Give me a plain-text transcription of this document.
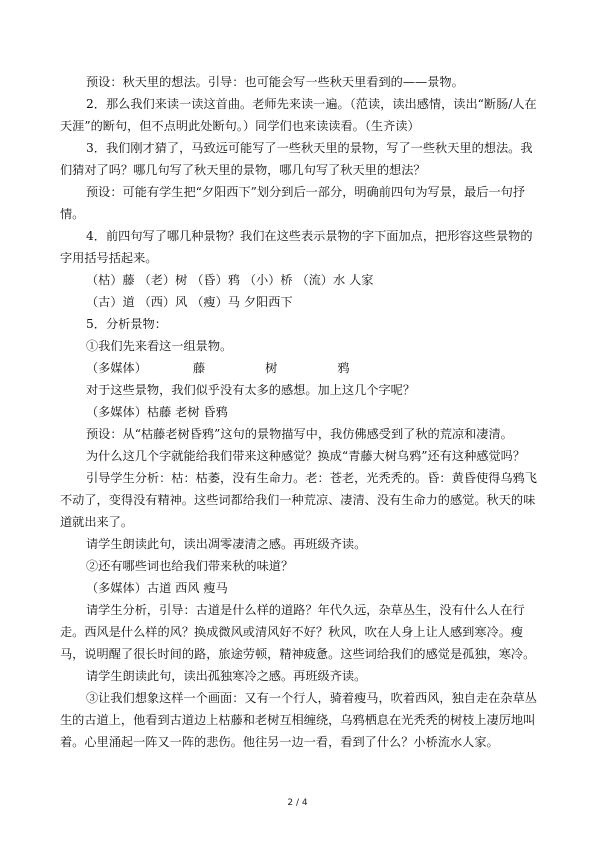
预设：秋天里的想法。引导：也可能会写一些秋天里看到的——景物。

2．那么我们来读一读这首曲。老师先来读一遍。（范读，读出感情，读出“断肠/人在天涯”的断句，但不点明此处断句。）同学们也来读读看。（生齐读）

3．我们刚才猜了，马致远可能写了一些秋天里的景物，写了一些秋天里的想法。我们猜对了吗？哪几句写了秋天里的景物，哪几句写了秋天里的想法？

预设：可能有学生把“夕阳西下”划分到后一部分，明确前四句为写景，最后一句抒情。

4．前四句写了哪几种景物？我们在这些表示景物的字下面加点，把形容这些景物的字用括号括起来。

（枯）藤 （老）树 （昏）鸦 （小）桥 （流）水 人家

（古）道 （西）风 （瘦）马 夕阳西下

5．分析景物：

①我们先来看这一组景物。

（多媒体）	藤	树	鸦

对于这些景物，我们似乎没有太多的感想。加上这几个字呢？

（多媒体）枯藤 老树 昏鸦

预设：从“枯藤老树昏鸦”这句的景物描写中，我仿佛感受到了秋的荒凉和凄清。

为什么这几个字就能给我们带来这种感觉？换成“青藤大树乌鸦”还有这种感觉吗？

引导学生分析：枯：枯萎，没有生命力。老：苍老，光秃秃的。昏：黄昏使得乌鸦飞不动了，变得没有精神。这些词都给我们一种荒凉、凄清、没有生命力的感觉。秋天的味道就出来了。

请学生朗读此句，读出凋零凄清之感。再班级齐读。

②还有哪些词也给我们带来秋的味道？

（多媒体）古道 西风 瘦马

请学生分析，引导：古道是什么样的道路？年代久远，杂草丛生，没有什么人在行走。西风是什么样的风？换成微风或清风好不好？秋风，吹在人身上让人感到寒冷。瘦马，说明醒了很长时间的路，旅途劳顿，精神疲惫。这些词给我们的感觉是孤独，寒冷。

请学生朗读此句，读出孤独寒冷之感。再班级齐读。

③让我们想象这样一个画面：又有一个行人，骑着瘦马，吹着西风，独自走在杂草丛生的古道上，他看到古道边上枯藤和老树互相缠绕，乌鸦栖息在光秃秃的树枝上凄厉地叫着。心里涌起一阵又一阵的悲伤。他往另一边一看，看到了什么？小桥流水人家。

2 / 4
